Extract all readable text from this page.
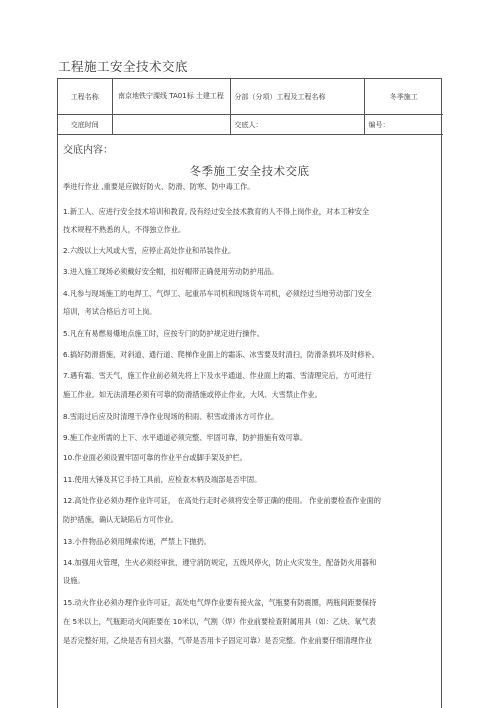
工程施工安全技术交底
工程名称	南京地铁宁溧线 TA01标 土建工程	分部（分项）工程及工程名称	冬季施工
交底时间		交底人：	编号：
交底内容：
冬季施工安全技术交底
季进行作业 ,重要是应做好防火、防滑、防寒、防中毒工作。
1.新工人、应进行安全技术培训和教育, 没有经过安全技术教育的人不得上岗作业，对本工种安全
技术规程不熟悉的人，不得独立作业。
2.六级以上大风或大雪，应停止高处作业和吊装作业。
3.进入施工现场必须戴好安全帽，扣好帽带正确使用劳动防护用品。
4.凡参与现场施工的电焊工、气焊工、起重吊车司机和现场货车司机，必须经过当地劳动部门安全
培训，考试合格后方可上岗。
5.凡在有易燃易爆地点施工时，应按专门的防护规定进行操作。
6.搞好防滑措施，对斜道、通行道、爬梯作业面上的霜冻、冰雪要及时清扫，防滑条损坏及时修补。
7.遇有霜、雪天气，施工作业前必须先将上下及水平通道、作业面上的霜、雪清理完后，方可进行
施工作业。如无法清理必须有可靠的防滑措施或停止作业，大风、大雪禁止作业。
8.雪雨过后应及时清理干净作业现场的积雨、积雪或滑冰方可作业。
9.施工作业所需的上下、水平通道必须完整、牢固可靠，防护措施有效可靠。
10.作业面必须设置牢固可靠的作业平台或脚手架及护栏。
11.使用大锤及其它手持工具前，应检查木柄及端部是否牢固。
12.高处作业必须办理作业许可证， 在高处行走时必须将安全带正确的使用。 作业前要检查作业面的
防护措施，确认无缺陷后方可作业。
13.小件物品必须用绳索传递，严禁上下抛扔。
14.加强用火管理，生火必须经审批，遵守消防规定，五级风停火，防止火灾发生，配备防火用器和
设施。
15.动火作业必须办理作业许可证，高处电气焊作业要有接火盆，气瓶要有防震圈，两瓶间距要保持
在 5米以上，气瓶距动火间距要在 10米以，气割（焊）作业前要检查附属用具（如：乙炔、氧气表
是否完整好用，乙炔是否有回火器，气带是否用卡子固定可靠）是否完整。作业前要仔细清理作业
